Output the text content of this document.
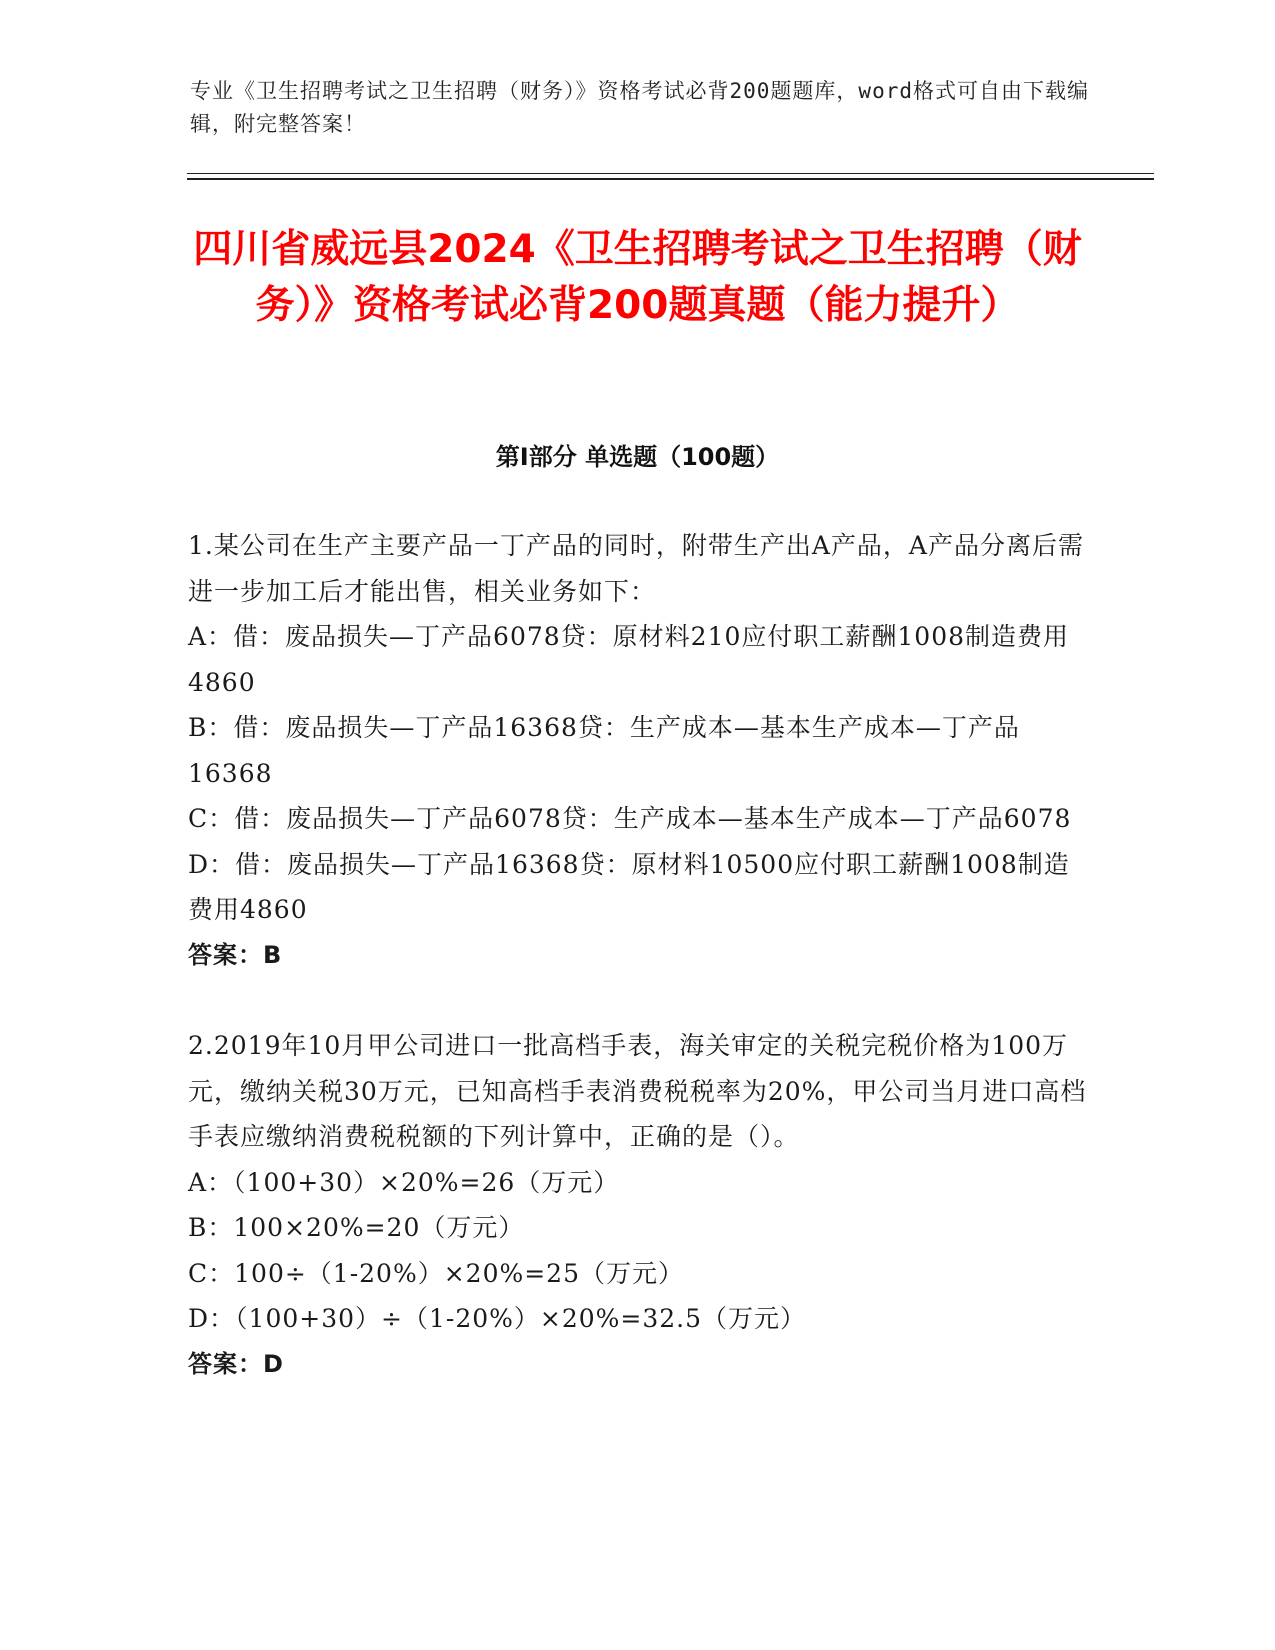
专业《卫生招聘考试之卫生招聘（财务）》资格考试必背200题题库，word格式可自由下载编辑，附完整答案！
四川省威远县2024《卫生招聘考试之卫生招聘（财务）》资格考试必背200题真题（能力提升）
第Ⅰ部分 单选题（100题）

1.某公司在生产主要产品一丁产品的同时，附带生产出A产品，A产品分离后需进一步加工后才能出售，相关业务如下：

A：借：废品损失—丁产品6078贷：原材料210应付职工薪酬1008制造费用4860

B：借：废品损失—丁产品16368贷：生产成本—基本生产成本—丁产品16368

C：借：废品损失—丁产品6078贷：生产成本—基本生产成本—丁产品6078

D：借：废品损失—丁产品16368贷：原材料10500应付职工薪酬1008制造费用4860

答案：B

2.2019年10月甲公司进口一批高档手表，海关审定的关税完税价格为100万元，缴纳关税30万元，已知高档手表消费税税率为20%，甲公司当月进口高档手表应缴纳消费税税额的下列计算中，正确的是（）。

A：（100+30）×20%=26（万元）

B：100×20%=20（万元）

C：100÷（1-20%）×20%=25（万元）

D：（100+30）÷（1-20%）×20%=32.5（万元）

答案：D
